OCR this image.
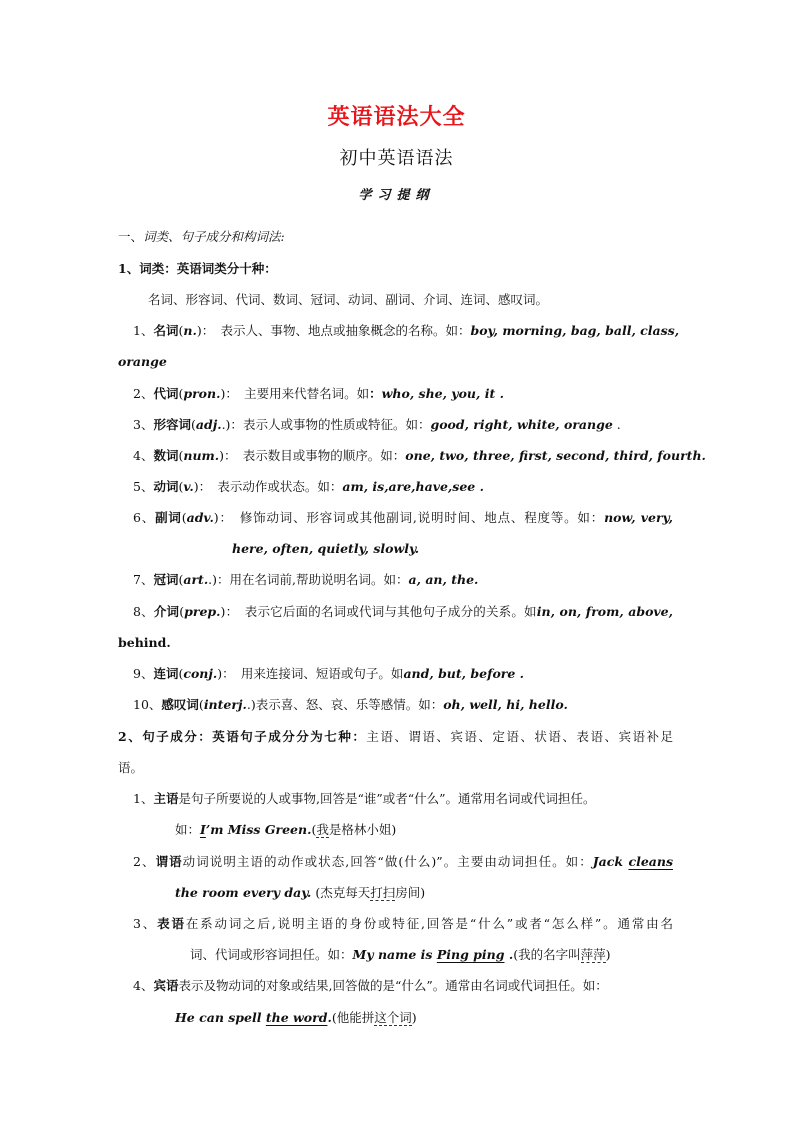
英语语法大全
初中英语语法
学习提纲
一、词类、句子成分和构词法:
1、词类：英语词类分十种：
名词、形容词、代词、数词、冠词、动词、副词、介词、连词、感叹词。
1、名词(n.)：　表示人、事物、地点或抽象概念的名称。如：boy, morning, bag, ball, class,
orange
2、代词(pron.)：　主要用来代替名词。如：who, she, you, it .
3、形容词(adj..)：表示人或事物的性质或特征。如：good, right, white, orange .
4、数词(num.)：　表示数目或事物的顺序。如：one, two, three, first, second, third, fourth.
5、动词(v.)：　表示动作或状态。如：am, is,are,have,see .
6、副词(adv.)：　修饰动词、形容词或其他副词,说明时间、地点、程度等。如：now, very,
here, often, quietly, slowly.
7、冠词(art..)：用在名词前,帮助说明名词。如：a, an, the.
8、介词(prep.)：　表示它后面的名词或代词与其他句子成分的关系。如in, on, from, above,
behind.
9、连词(conj.)：　用来连接词、短语或句子。如and, but, before .
10、感叹词(interj..)表示喜、怒、哀、乐等感情。如：oh, well, hi, hello.
2、句子成分：英语句子成分分为七种：主语、谓语、宾语、定语、状语、表语、宾语补足
语。
1、主语是句子所要说的人或事物,回答是“谁”或者“什么”。通常用名词或代词担任。
如：I’m Miss Green.(我是格林小姐)
2、谓语动词说明主语的动作或状态,回答“做(什么)”。主要由动词担任。如：Jack cleans
the room every day. (杰克每天打扫房间)
3、表语在系动词之后,说明主语的身份或特征,回答是“什么”或者“怎么样”。通常由名
词、代词或形容词担任。如：My name is Ping ping .(我的名字叫萍萍)
4、宾语表示及物动词的对象或结果,回答做的是“什么”。通常由名词或代词担任。如：
He can spell the word.(他能拼这个词)
